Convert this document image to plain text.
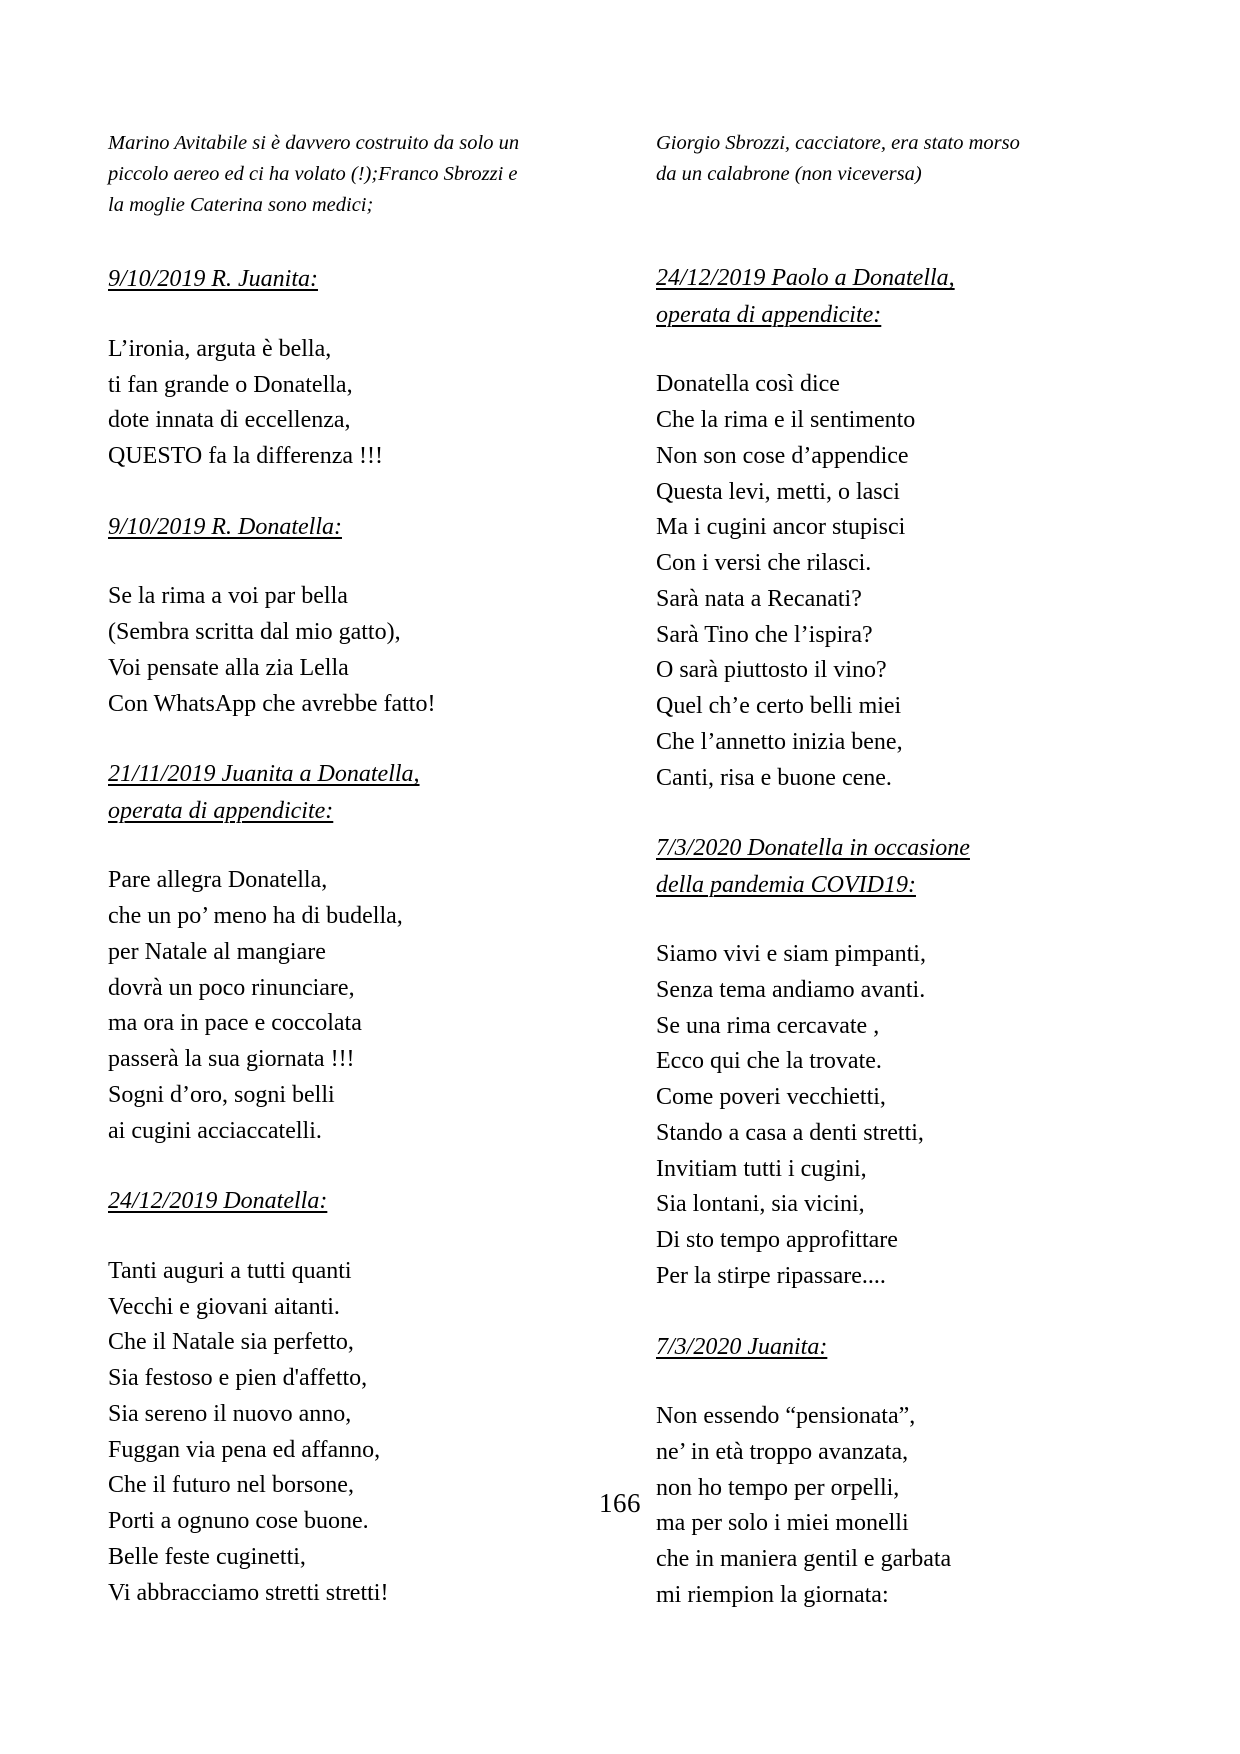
Marino Avitabile si è davvero costruito da solo un
piccolo aereo ed ci ha volato (!);Franco Sbrozzi e
la moglie Caterina sono medici;
9/10/2019 R. Juanita:
L’ironia, arguta è bella,
ti fan grande o Donatella,
dote innata di eccellenza,
QUESTO fa la differenza !!!
9/10/2019 R. Donatella:
Se la rima a voi par bella
(Sembra scritta dal mio gatto),
Voi pensate alla zia Lella
Con WhatsApp che avrebbe fatto!
21/11/2019 Juanita a Donatella,
operata di appendicite:
Pare allegra Donatella,
che un po’ meno ha di budella,
per Natale al mangiare
dovrà un poco rinunciare,
ma ora in pace e coccolata
passerà la sua giornata !!!
Sogni d’oro, sogni belli
ai cugini acciaccatelli.
24/12/2019 Donatella:
Tanti auguri a tutti quanti
Vecchi e giovani aitanti.
Che il Natale sia perfetto,
Sia festoso e pien d'affetto,
Sia sereno il nuovo anno,
Fuggan via pena ed affanno,
Che il futuro nel borsone,
Porti a ognuno cose buone.
Belle feste cuginetti,
Vi abbracciamo stretti stretti!
Giorgio Sbrozzi, cacciatore, era stato morso
da un calabrone (non viceversa)
24/12/2019 Paolo a Donatella,
operata di appendicite:
Donatella così dice
Che la rima e il sentimento
Non son cose d’appendice
Questa levi, metti, o lasci
Ma i cugini ancor stupisci
Con i versi che rilasci.
Sarà nata a Recanati?
Sarà Tino che l’ispira?
O sarà piuttosto il vino?
Quel ch’e certo belli miei
Che l’annetto inizia bene,
Canti, risa e buone cene.
7/3/2020 Donatella in occasione
della pandemia COVID19:
Siamo vivi e siam pimpanti,
Senza tema andiamo avanti.
Se una rima cercavate ,
Ecco qui che la trovate.
Come poveri vecchietti,
Stando a casa a denti stretti,
Invitiam tutti i cugini,
Sia lontani, sia vicini,
Di sto tempo approfittare
Per la stirpe ripassare....
7/3/2020 Juanita:
Non essendo “pensionata”,
ne’ in età troppo avanzata,
non ho tempo per orpelli,
ma per solo i miei monelli
che in maniera gentil e garbata
mi riempion la giornata:
166
